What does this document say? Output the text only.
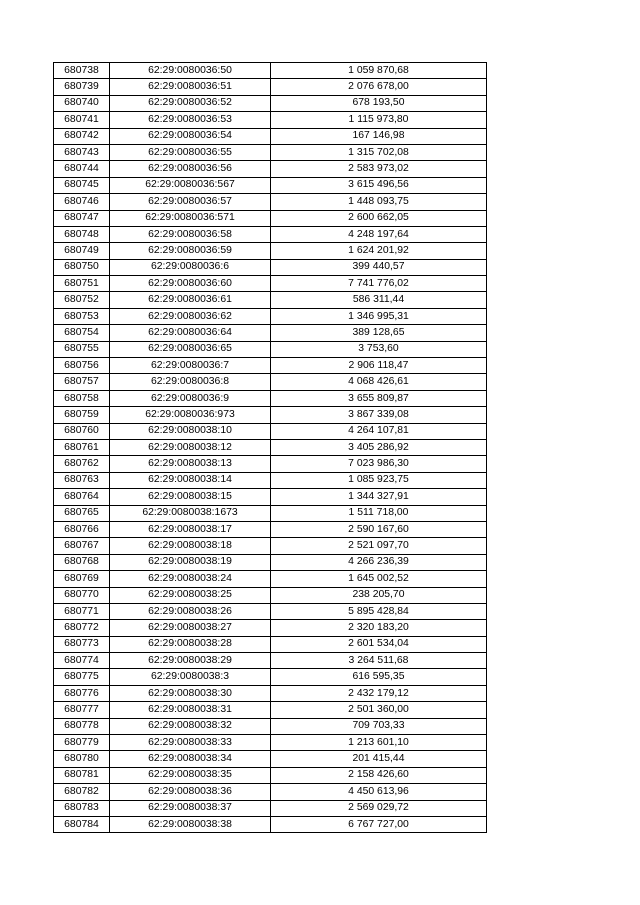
680738	62:29:0080036:50	1 059 870,68
680739	62:29:0080036:51	2 076 678,00
680740	62:29:0080036:52	678 193,50
680741	62:29:0080036:53	1 115 973,80
680742	62:29:0080036:54	167 146,98
680743	62:29:0080036:55	1 315 702,08
680744	62:29:0080036:56	2 583 973,02
680745	62:29:0080036:567	3 615 496,56
680746	62:29:0080036:57	1 448 093,75
680747	62:29:0080036:571	2 600 662,05
680748	62:29:0080036:58	4 248 197,64
680749	62:29:0080036:59	1 624 201,92
680750	62:29:0080036:6	399 440,57
680751	62:29:0080036:60	7 741 776,02
680752	62:29:0080036:61	586 311,44
680753	62:29:0080036:62	1 346 995,31
680754	62:29:0080036:64	389 128,65
680755	62:29:0080036:65	3 753,60
680756	62:29:0080036:7	2 906 118,47
680757	62:29:0080036:8	4 068 426,61
680758	62:29:0080036:9	3 655 809,87
680759	62:29:0080036:973	3 867 339,08
680760	62:29:0080038:10	4 264 107,81
680761	62:29:0080038:12	3 405 286,92
680762	62:29:0080038:13	7 023 986,30
680763	62:29:0080038:14	1 085 923,75
680764	62:29:0080038:15	1 344 327,91
680765	62:29:0080038:1673	1 511 718,00
680766	62:29:0080038:17	2 590 167,60
680767	62:29:0080038:18	2 521 097,70
680768	62:29:0080038:19	4 266 236,39
680769	62:29:0080038:24	1 645 002,52
680770	62:29:0080038:25	238 205,70
680771	62:29:0080038:26	5 895 428,84
680772	62:29:0080038:27	2 320 183,20
680773	62:29:0080038:28	2 601 534,04
680774	62:29:0080038:29	3 264 511,68
680775	62:29:0080038:3	616 595,35
680776	62:29:0080038:30	2 432 179,12
680777	62:29:0080038:31	2 501 360,00
680778	62:29:0080038:32	709 703,33
680779	62:29:0080038:33	1 213 601,10
680780	62:29:0080038:34	201 415,44
680781	62:29:0080038:35	2 158 426,60
680782	62:29:0080038:36	4 450 613,96
680783	62:29:0080038:37	2 569 029,72
680784	62:29:0080038:38	6 767 727,00
